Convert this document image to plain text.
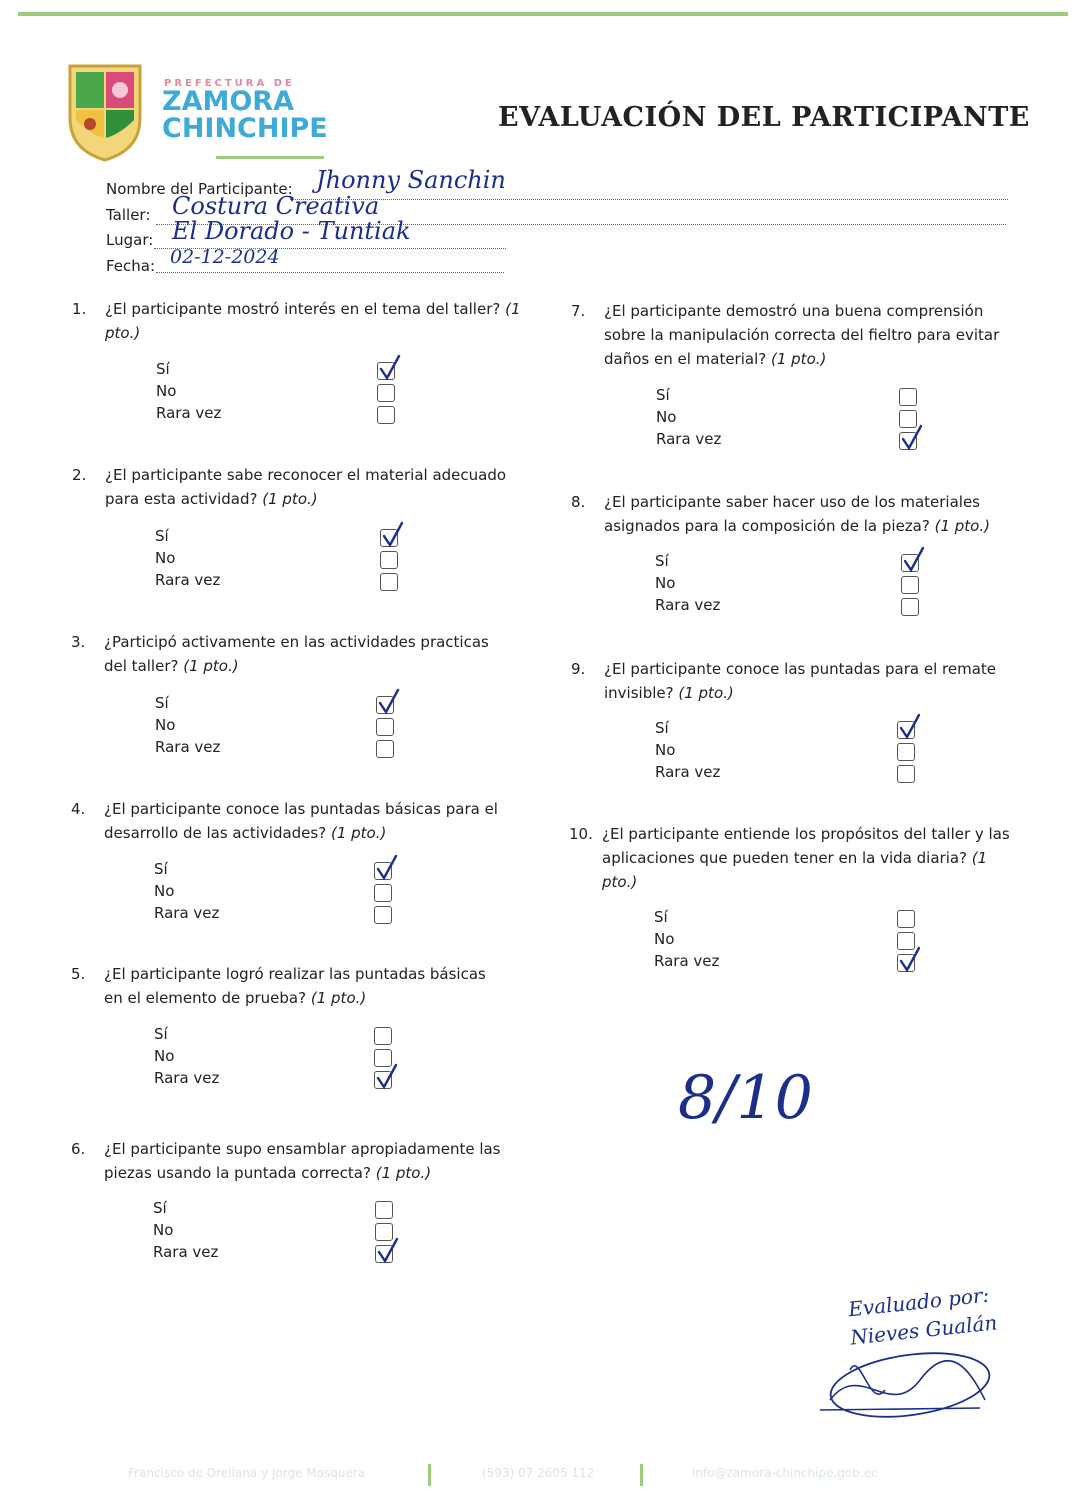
PREFECTURA DE
ZAMORA
CHINCHIPE	EVALUACIÓN DEL PARTICIPANTE
Nombre del Participante: Jhonny Sanchin
Taller: Costura Creativa
Lugar: El Dorado - Tuntiak
Fecha: 02-12-2024
1. ¿El participante mostró interés en el tema del taller? (1 pto.)
2. ¿El participante sabe reconocer el material adecuado para esta actividad? (1 pto.)
3. ¿Participó activamente en las actividades practicas del taller? (1 pto.)
4. ¿El participante conoce las puntadas básicas para el desarrollo de las actividades? (1 pto.)
5. ¿El participante logró realizar las puntadas básicas en el elemento de prueba? (1 pto.)
6. ¿El participante supo ensamblar apropiadamente las piezas usando la puntada correcta? (1 pto.)
7. ¿El participante demostró una buena comprensión sobre la manipulación correcta del fieltro para evitar daños en el material? (1 pto.)
8. ¿El participante saber hacer uso de los materiales asignados para la composición de la pieza? (1 pto.)
9. ¿El participante conoce las puntadas para el remate invisible? (1 pto.)
10. ¿El participante entiende los propósitos del taller y las aplicaciones que pueden tener en la vida diaria? (1 pto.)
8/10
Evaluado por:
Nieves Gualán
Francisco de Orellana y Jorge Mosquera	(593) 07 2605 112	info@zamora-chinchipe.gob.ec
Sí
No
Rara vez
Sí
No
Rara vez
Sí
No
Rara vez
Sí
No
Rara vez
Sí
No
Rara vez
Sí
No
Rara vez
Sí
No
Rara vez
Sí
No
Rara vez
Sí
No
Rara vez
Sí
No
Rara vez
